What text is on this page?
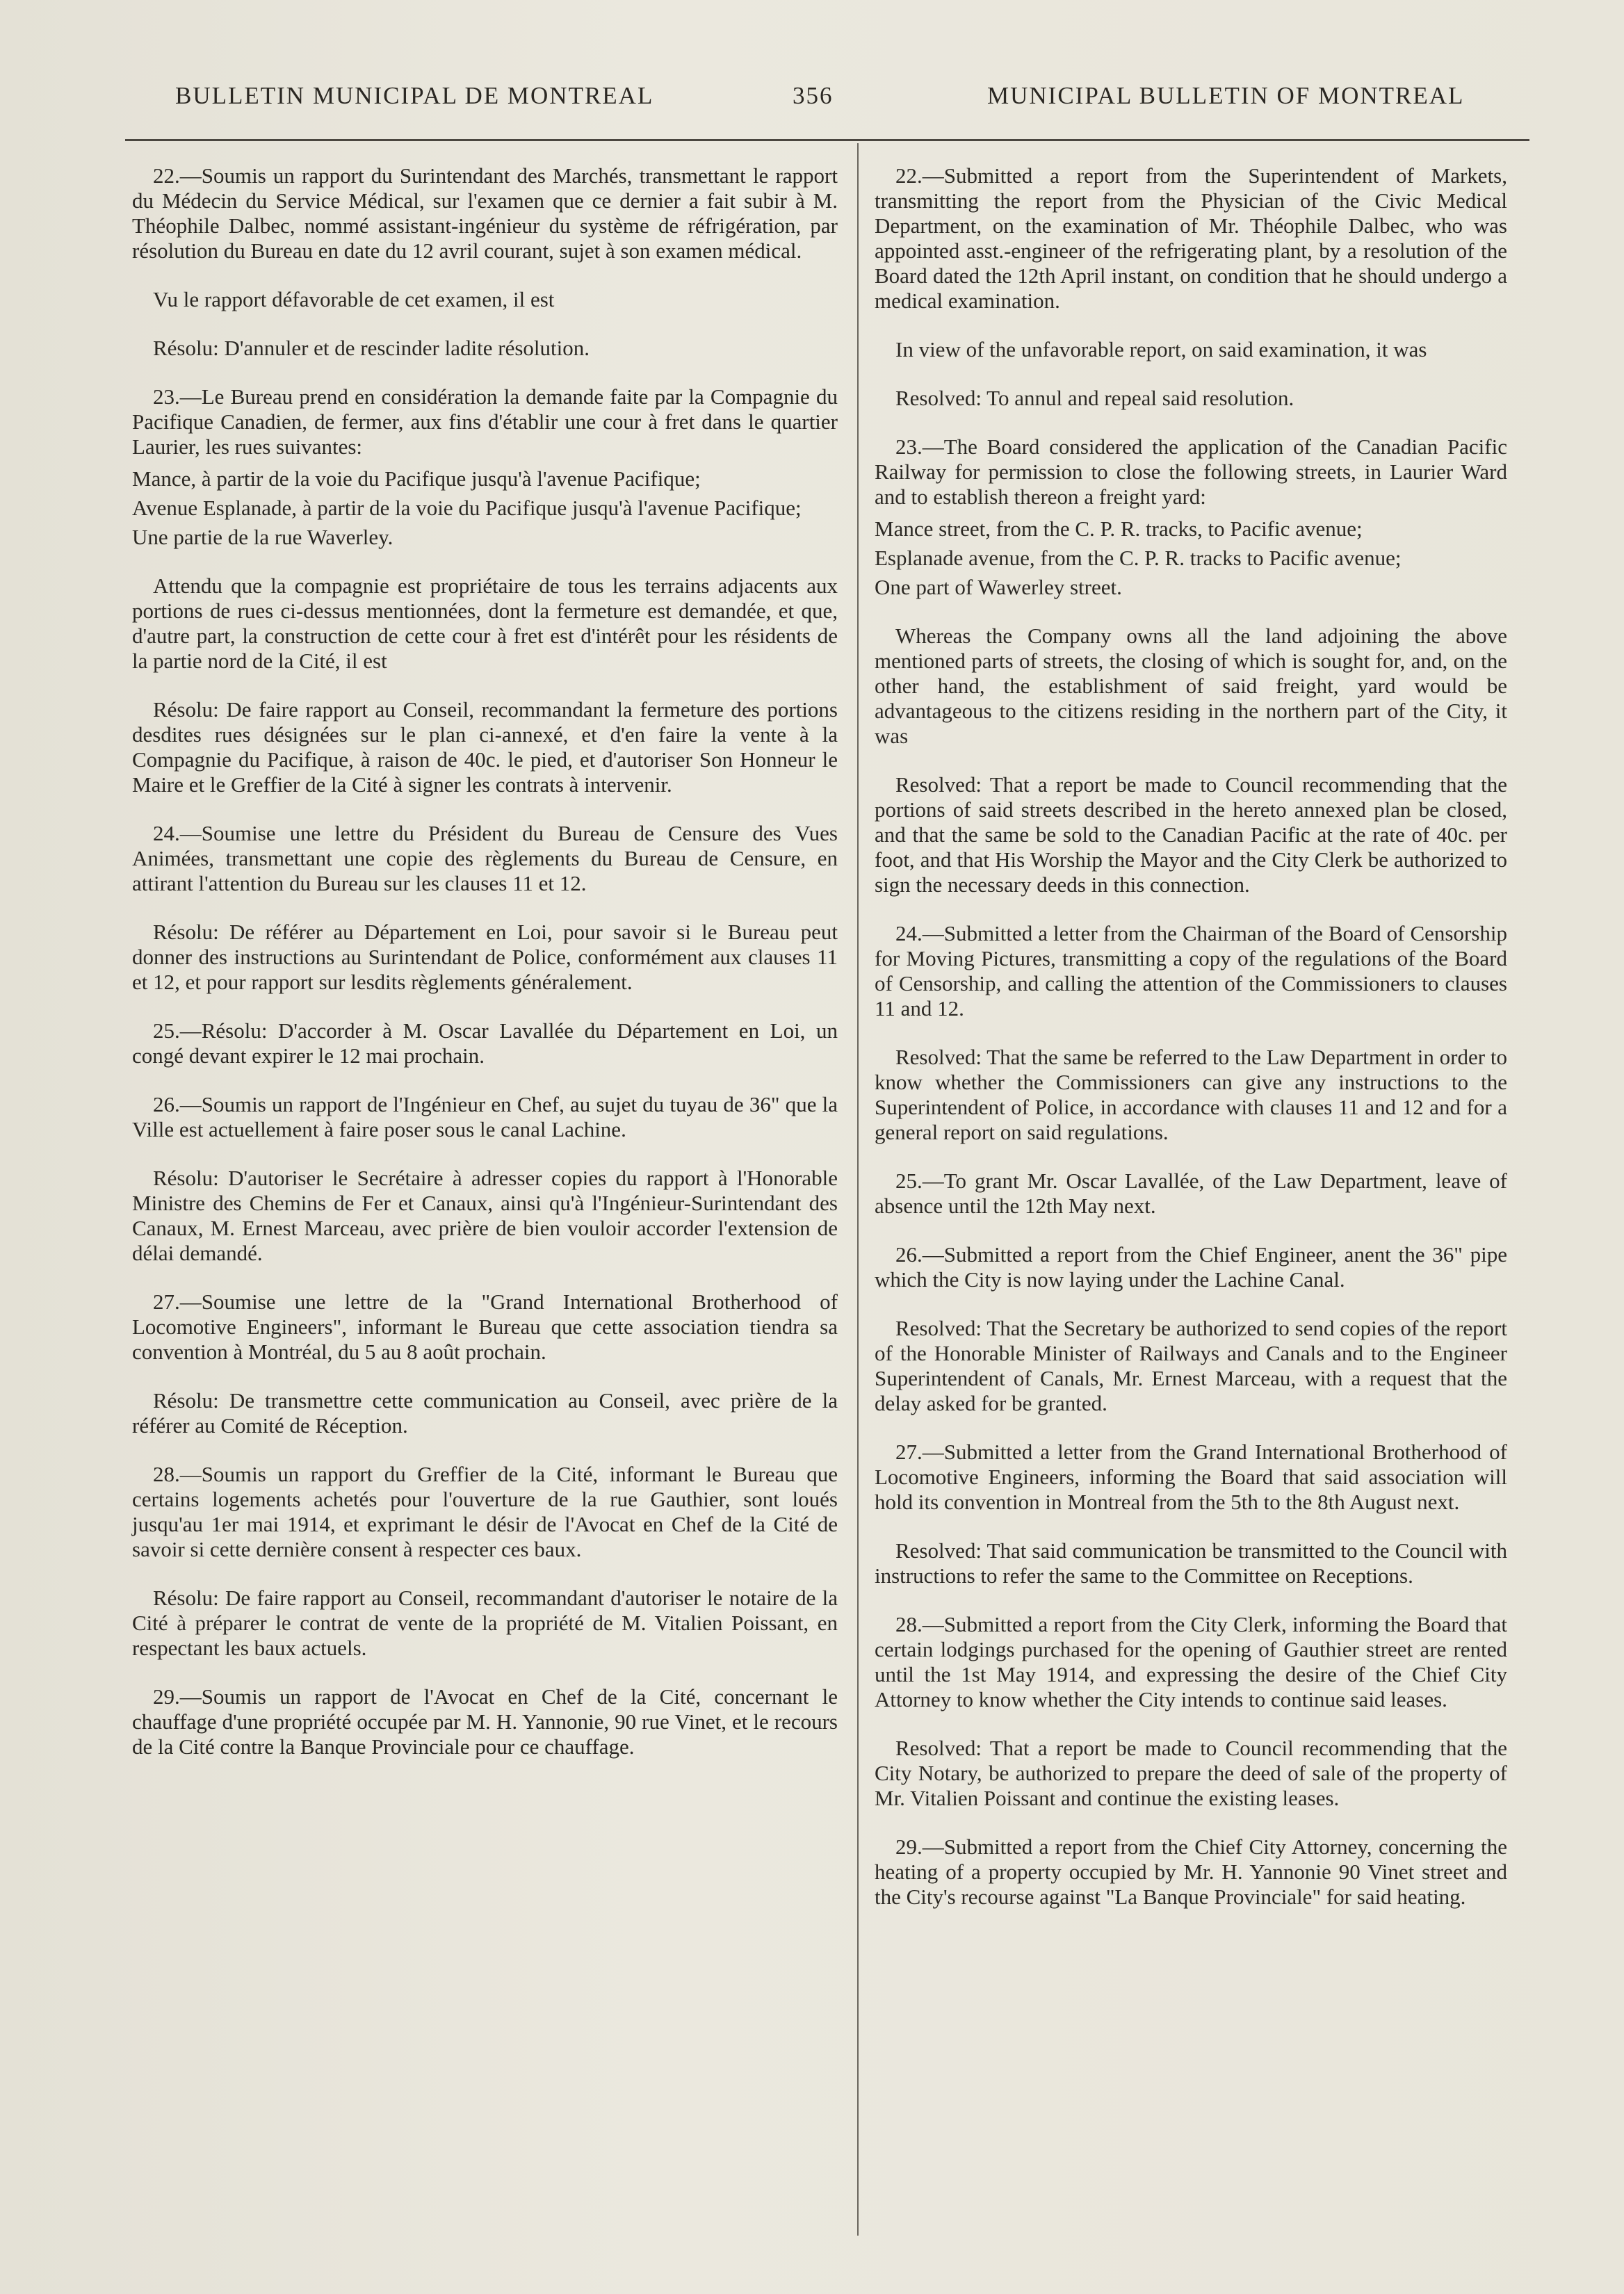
BULLETIN MUNICIPAL DE MONTREAL	356	MUNICIPAL BULLETIN OF MONTREAL

22.—Soumis un rapport du Surintendant des Marchés, transmettant le rapport du Médecin du Service Médical, sur l'examen que ce dernier a fait subir à M. Théophile Dalbec, nommé assistant-ingénieur du système de réfrigération, par résolution du Bureau en date du 12 avril courant, sujet à son examen médical.

Vu le rapport défavorable de cet examen, il est

Résolu: D'annuler et de rescinder ladite résolution.

23.—Le Bureau prend en considération la demande faite par la Compagnie du Pacifique Canadien, de fermer, aux fins d'établir une cour à fret dans le quartier Laurier, les rues suivantes:

Mance, à partir de la voie du Pacifique jusqu'à l'avenue Pacifique;

Avenue Esplanade, à partir de la voie du Pacifique jusqu'à l'avenue Pacifique;

Une partie de la rue Waverley.

Attendu que la compagnie est propriétaire de tous les terrains adjacents aux portions de rues ci-dessus mentionnées, dont la fermeture est demandée, et que, d'autre part, la construction de cette cour à fret est d'intérêt pour les résidents de la partie nord de la Cité, il est

Résolu: De faire rapport au Conseil, recommandant la fermeture des portions desdites rues désignées sur le plan ci-annexé, et d'en faire la vente à la Compagnie du Pacifique, à raison de 40c. le pied, et d'autoriser Son Honneur le Maire et le Greffier de la Cité à signer les contrats à intervenir.

24.—Soumise une lettre du Président du Bureau de Censure des Vues Animées, transmettant une copie des règlements du Bureau de Censure, en attirant l'attention du Bureau sur les clauses 11 et 12.

Résolu: De référer au Département en Loi, pour savoir si le Bureau peut donner des instructions au Surintendant de Police, conformément aux clauses 11 et 12, et pour rapport sur lesdits règlements généralement.

25.—Résolu: D'accorder à M. Oscar Lavallée du Département en Loi, un congé devant expirer le 12 mai prochain.

26.—Soumis un rapport de l'Ingénieur en Chef, au sujet du tuyau de 36" que la Ville est actuellement à faire poser sous le canal Lachine.

Résolu: D'autoriser le Secrétaire à adresser copies du rapport à l'Honorable Ministre des Chemins de Fer et Canaux, ainsi qu'à l'Ingénieur-Surintendant des Canaux, M. Ernest Marceau, avec prière de bien vouloir accorder l'extension de délai demandé.

27.—Soumise une lettre de la "Grand International Brotherhood of Locomotive Engineers", informant le Bureau que cette association tiendra sa convention à Montréal, du 5 au 8 août prochain.

Résolu: De transmettre cette communication au Conseil, avec prière de la référer au Comité de Réception.

28.—Soumis un rapport du Greffier de la Cité, informant le Bureau que certains logements achetés pour l'ouverture de la rue Gauthier, sont loués jusqu'au 1er mai 1914, et exprimant le désir de l'Avocat en Chef de la Cité de savoir si cette dernière consent à respecter ces baux.

Résolu: De faire rapport au Conseil, recommandant d'autoriser le notaire de la Cité à préparer le contrat de vente de la propriété de M. Vitalien Poissant, en respectant les baux actuels.

29.—Soumis un rapport de l'Avocat en Chef de la Cité, concernant le chauffage d'une propriété occupée par M. H. Yannonie, 90 rue Vinet, et le recours de la Cité contre la Banque Provinciale pour ce chauffage.

22.—Submitted a report from the Superintendent of Markets, transmitting the report from the Physician of the Civic Medical Department, on the examination of Mr. Théophile Dalbec, who was appointed asst.-engineer of the refrigerating plant, by a resolution of the Board dated the 12th April instant, on condition that he should undergo a medical examination.

In view of the unfavorable report, on said examination, it was

Resolved: To annul and repeal said resolution.

23.—The Board considered the application of the Canadian Pacific Railway for permission to close the following streets, in Laurier Ward and to establish thereon a freight yard:

Mance street, from the C. P. R. tracks, to Pacific avenue;

Esplanade avenue, from the C. P. R. tracks to Pacific avenue;

One part of Wawerley street.

Whereas the Company owns all the land adjoining the above mentioned parts of streets, the closing of which is sought for, and, on the other hand, the establishment of said freight, yard would be advantageous to the citizens residing in the northern part of the City, it was

Resolved: That a report be made to Council recommending that the portions of said streets described in the hereto annexed plan be closed, and that the same be sold to the Canadian Pacific at the rate of 40c. per foot, and that His Worship the Mayor and the City Clerk be authorized to sign the necessary deeds in this connection.

24.—Submitted a letter from the Chairman of the Board of Censorship for Moving Pictures, transmitting a copy of the regulations of the Board of Censorship, and calling the attention of the Commissioners to clauses 11 and 12.

Resolved: That the same be referred to the Law Department in order to know whether the Commissioners can give any instructions to the Superintendent of Police, in accordance with clauses 11 and 12 and for a general report on said regulations.

25.—To grant Mr. Oscar Lavallée, of the Law Department, leave of absence until the 12th May next.

26.—Submitted a report from the Chief Engineer, anent the 36" pipe which the City is now laying under the Lachine Canal.

Resolved: That the Secretary be authorized to send copies of the report of the Honorable Minister of Railways and Canals and to the Engineer Superintendent of Canals, Mr. Ernest Marceau, with a request that the delay asked for be granted.

27.—Submitted a letter from the Grand International Brotherhood of Locomotive Engineers, informing the Board that said association will hold its convention in Montreal from the 5th to the 8th August next.

Resolved: That said communication be transmitted to the Council with instructions to refer the same to the Committee on Receptions.

28.—Submitted a report from the City Clerk, informing the Board that certain lodgings purchased for the opening of Gauthier street are rented until the 1st May 1914, and expressing the desire of the Chief City Attorney to know whether the City intends to continue said leases.

Resolved: That a report be made to Council recommending that the City Notary, be authorized to prepare the deed of sale of the property of Mr. Vitalien Poissant and continue the existing leases.

29.—Submitted a report from the Chief City Attorney, concerning the heating of a property occupied by Mr. H. Yannonie 90 Vinet street and the City's recourse against "La Banque Provinciale" for said heating.
